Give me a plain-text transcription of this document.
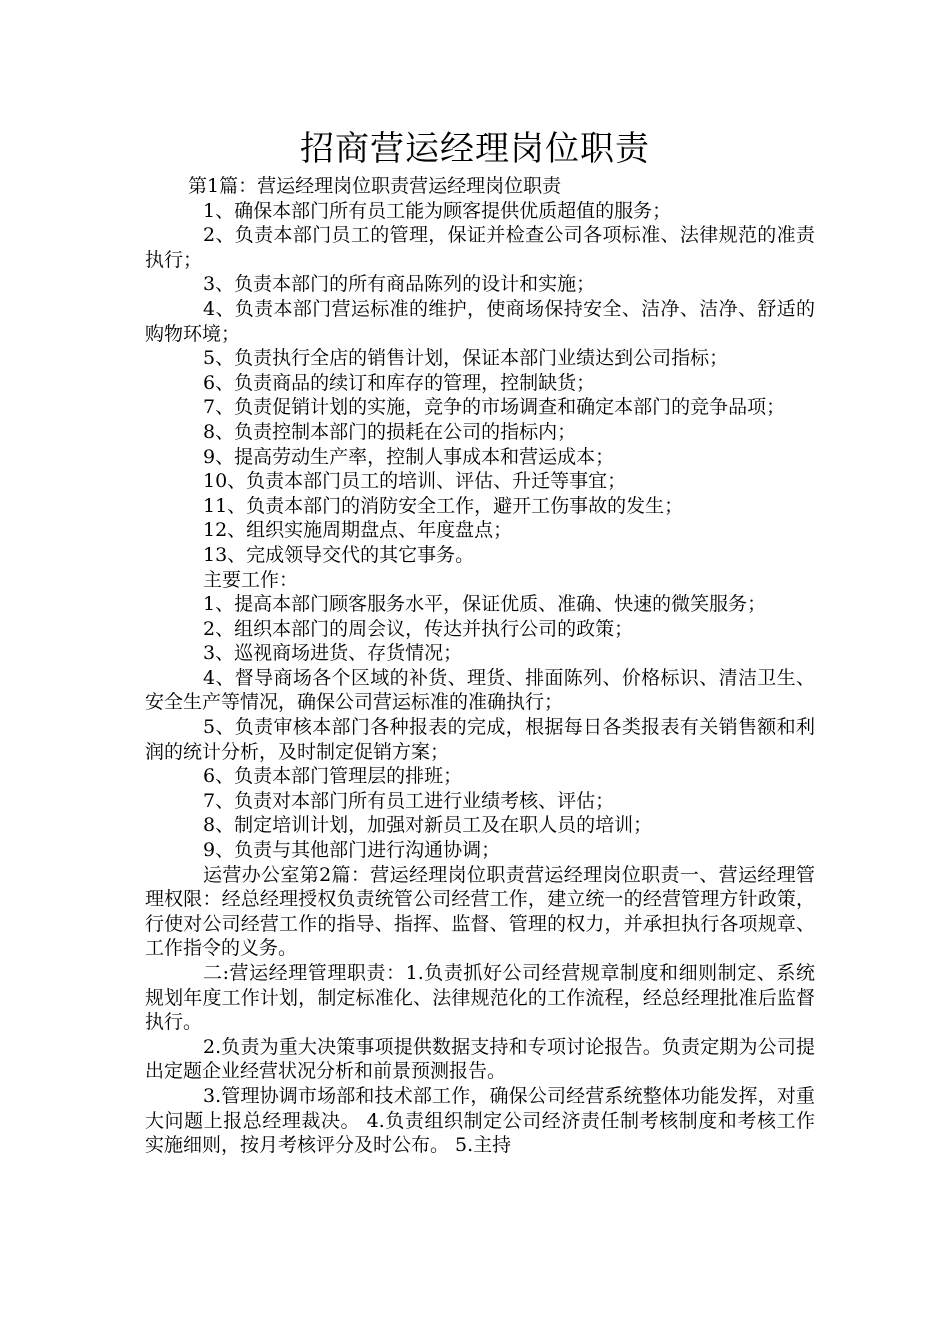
招商营运经理岗位职责

第1篇：营运经理岗位职责营运经理岗位职责

1、确保本部门所有员工能为顾客提供优质超值的服务；

2、负责本部门员工的管理，保证并检查公司各项标准、法律规范的准责执行；

3、负责本部门的所有商品陈列的设计和实施；

4、负责本部门营运标准的维护，使商场保持安全、洁净、洁净、舒适的购物环境；

5、负责执行全店的销售计划，保证本部门业绩达到公司指标；

6、负责商品的续订和库存的管理，控制缺货；

7、负责促销计划的实施，竞争的市场调查和确定本部门的竞争品项；

8、负责控制本部门的损耗在公司的指标内；

9、提高劳动生产率，控制人事成本和营运成本；

10、负责本部门员工的培训、评估、升迁等事宜；

11、负责本部门的消防安全工作，避开工伤事故的发生；

12、组织实施周期盘点、年度盘点；

13、完成领导交代的其它事务。

主要工作：

1、提高本部门顾客服务水平，保证优质、准确、快速的微笑服务；

2、组织本部门的周会议，传达并执行公司的政策；

3、巡视商场进货、存货情况；

4、督导商场各个区域的补货、理货、排面陈列、价格标识、清洁卫生、安全生产等情况，确保公司营运标准的准确执行；

5、负责审核本部门各种报表的完成，根据每日各类报表有关销售额和利润的统计分析，及时制定促销方案；

6、负责本部门管理层的排班；

7、负责对本部门所有员工进行业绩考核、评估；

8、制定培训计划，加强对新员工及在职人员的培训；

9、负责与其他部门进行沟通协调；

运营办公室第2篇：营运经理岗位职责营运经理岗位职责一、营运经理管理权限：经总经理授权负责统管公司经营工作，建立统一的经营管理方针政策，行使对公司经营工作的指导、指挥、监督、管理的权力，并承担执行各项规章、工作指令的义务。

二:营运经理管理职责：1.负责抓好公司经营规章制度和细则制定、系统规划年度工作计划，制定标准化、法律规范化的工作流程，经总经理批准后监督执行。

2.负责为重大决策事项提供数据支持和专项讨论报告。负责定期为公司提出定题企业经营状况分析和前景预测报告。

3.管理协调市场部和技术部工作，确保公司经营系统整体功能发挥，对重大问题上报总经理裁决。 4.负责组织制定公司经济责任制考核制度和考核工作实施细则，按月考核评分及时公布。 5.主持
